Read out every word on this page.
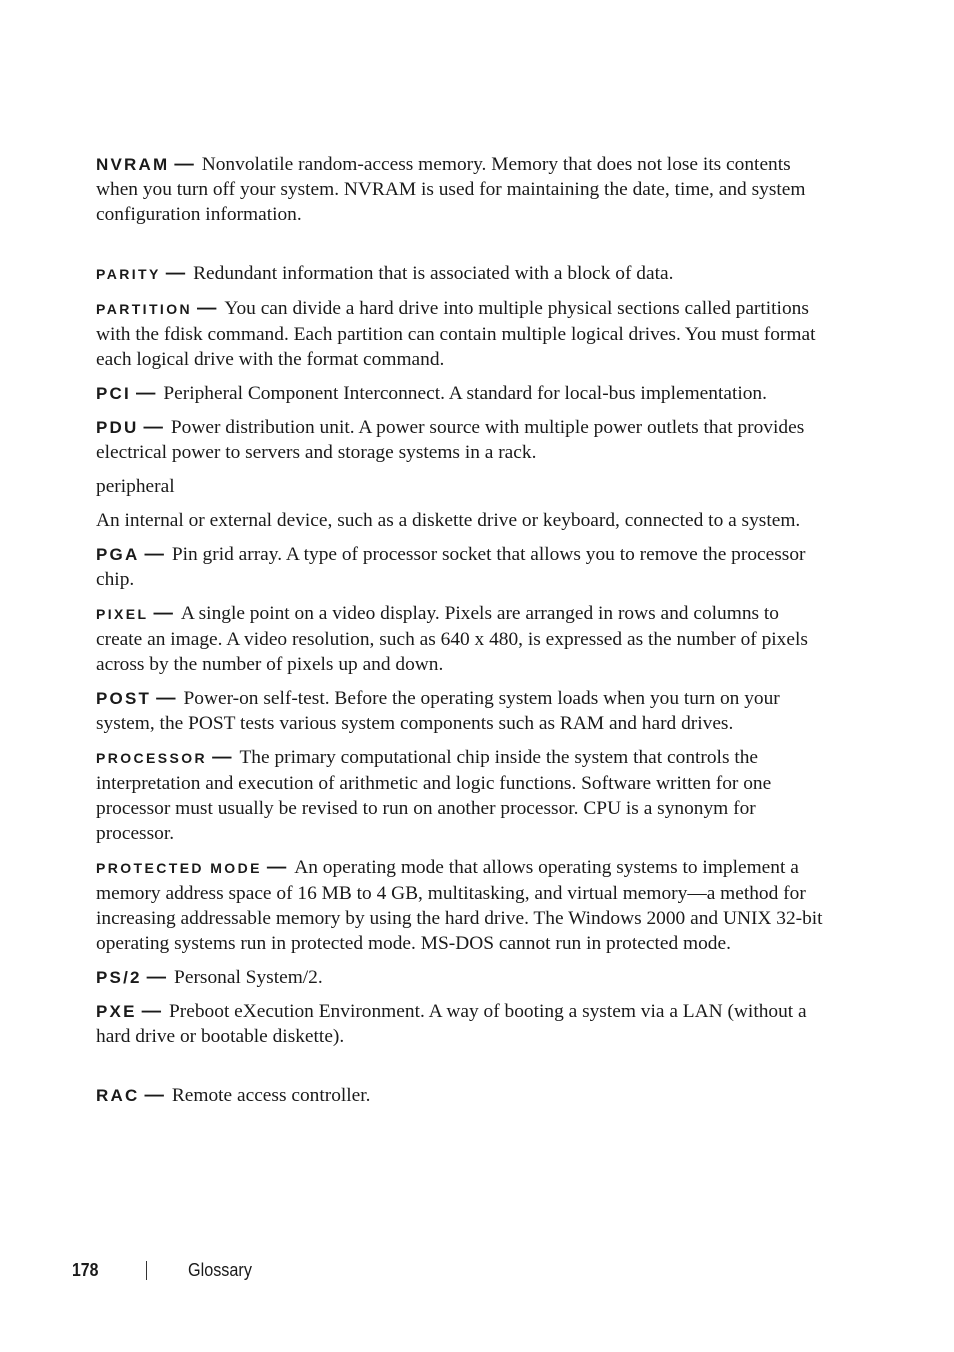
NVRAM — Nonvolatile random-access memory. Memory that does not lose its contents when you turn off your system. NVRAM is used for maintaining the date, time, and system configuration information.

PARITY — Redundant information that is associated with a block of data.

PARTITION — You can divide a hard drive into multiple physical sections called partitions with the fdisk command. Each partition can contain multiple logical drives. You must format each logical drive with the format command.

PCI — Peripheral Component Interconnect. A standard for local-bus implementation.

PDU — Power distribution unit. A power source with multiple power outlets that provides electrical power to servers and storage systems in a rack.

peripheral

An internal or external device, such as a diskette drive or keyboard, connected to a system.

PGA — Pin grid array. A type of processor socket that allows you to remove the processor chip.

PIXEL — A single point on a video display. Pixels are arranged in rows and columns to create an image. A video resolution, such as 640 x 480, is expressed as the number of pixels across by the number of pixels up and down.

POST — Power-on self-test. Before the operating system loads when you turn on your system, the POST tests various system components such as RAM and hard drives.

PROCESSOR — The primary computational chip inside the system that controls the interpretation and execution of arithmetic and logic functions. Software written for one processor must usually be revised to run on another processor. CPU is a synonym for processor.

PROTECTED MODE — An operating mode that allows operating systems to implement a memory address space of 16 MB to 4 GB, multitasking, and virtual memory—a method for increasing addressable memory by using the hard drive. The Windows 2000 and UNIX 32-bit operating systems run in protected mode. MS-DOS cannot run in protected mode.

PS/2 — Personal System/2.

PXE — Preboot eXecution Environment. A way of booting a system via a LAN (without a hard drive or bootable diskette).

RAC — Remote access controller.

178	Glossary
